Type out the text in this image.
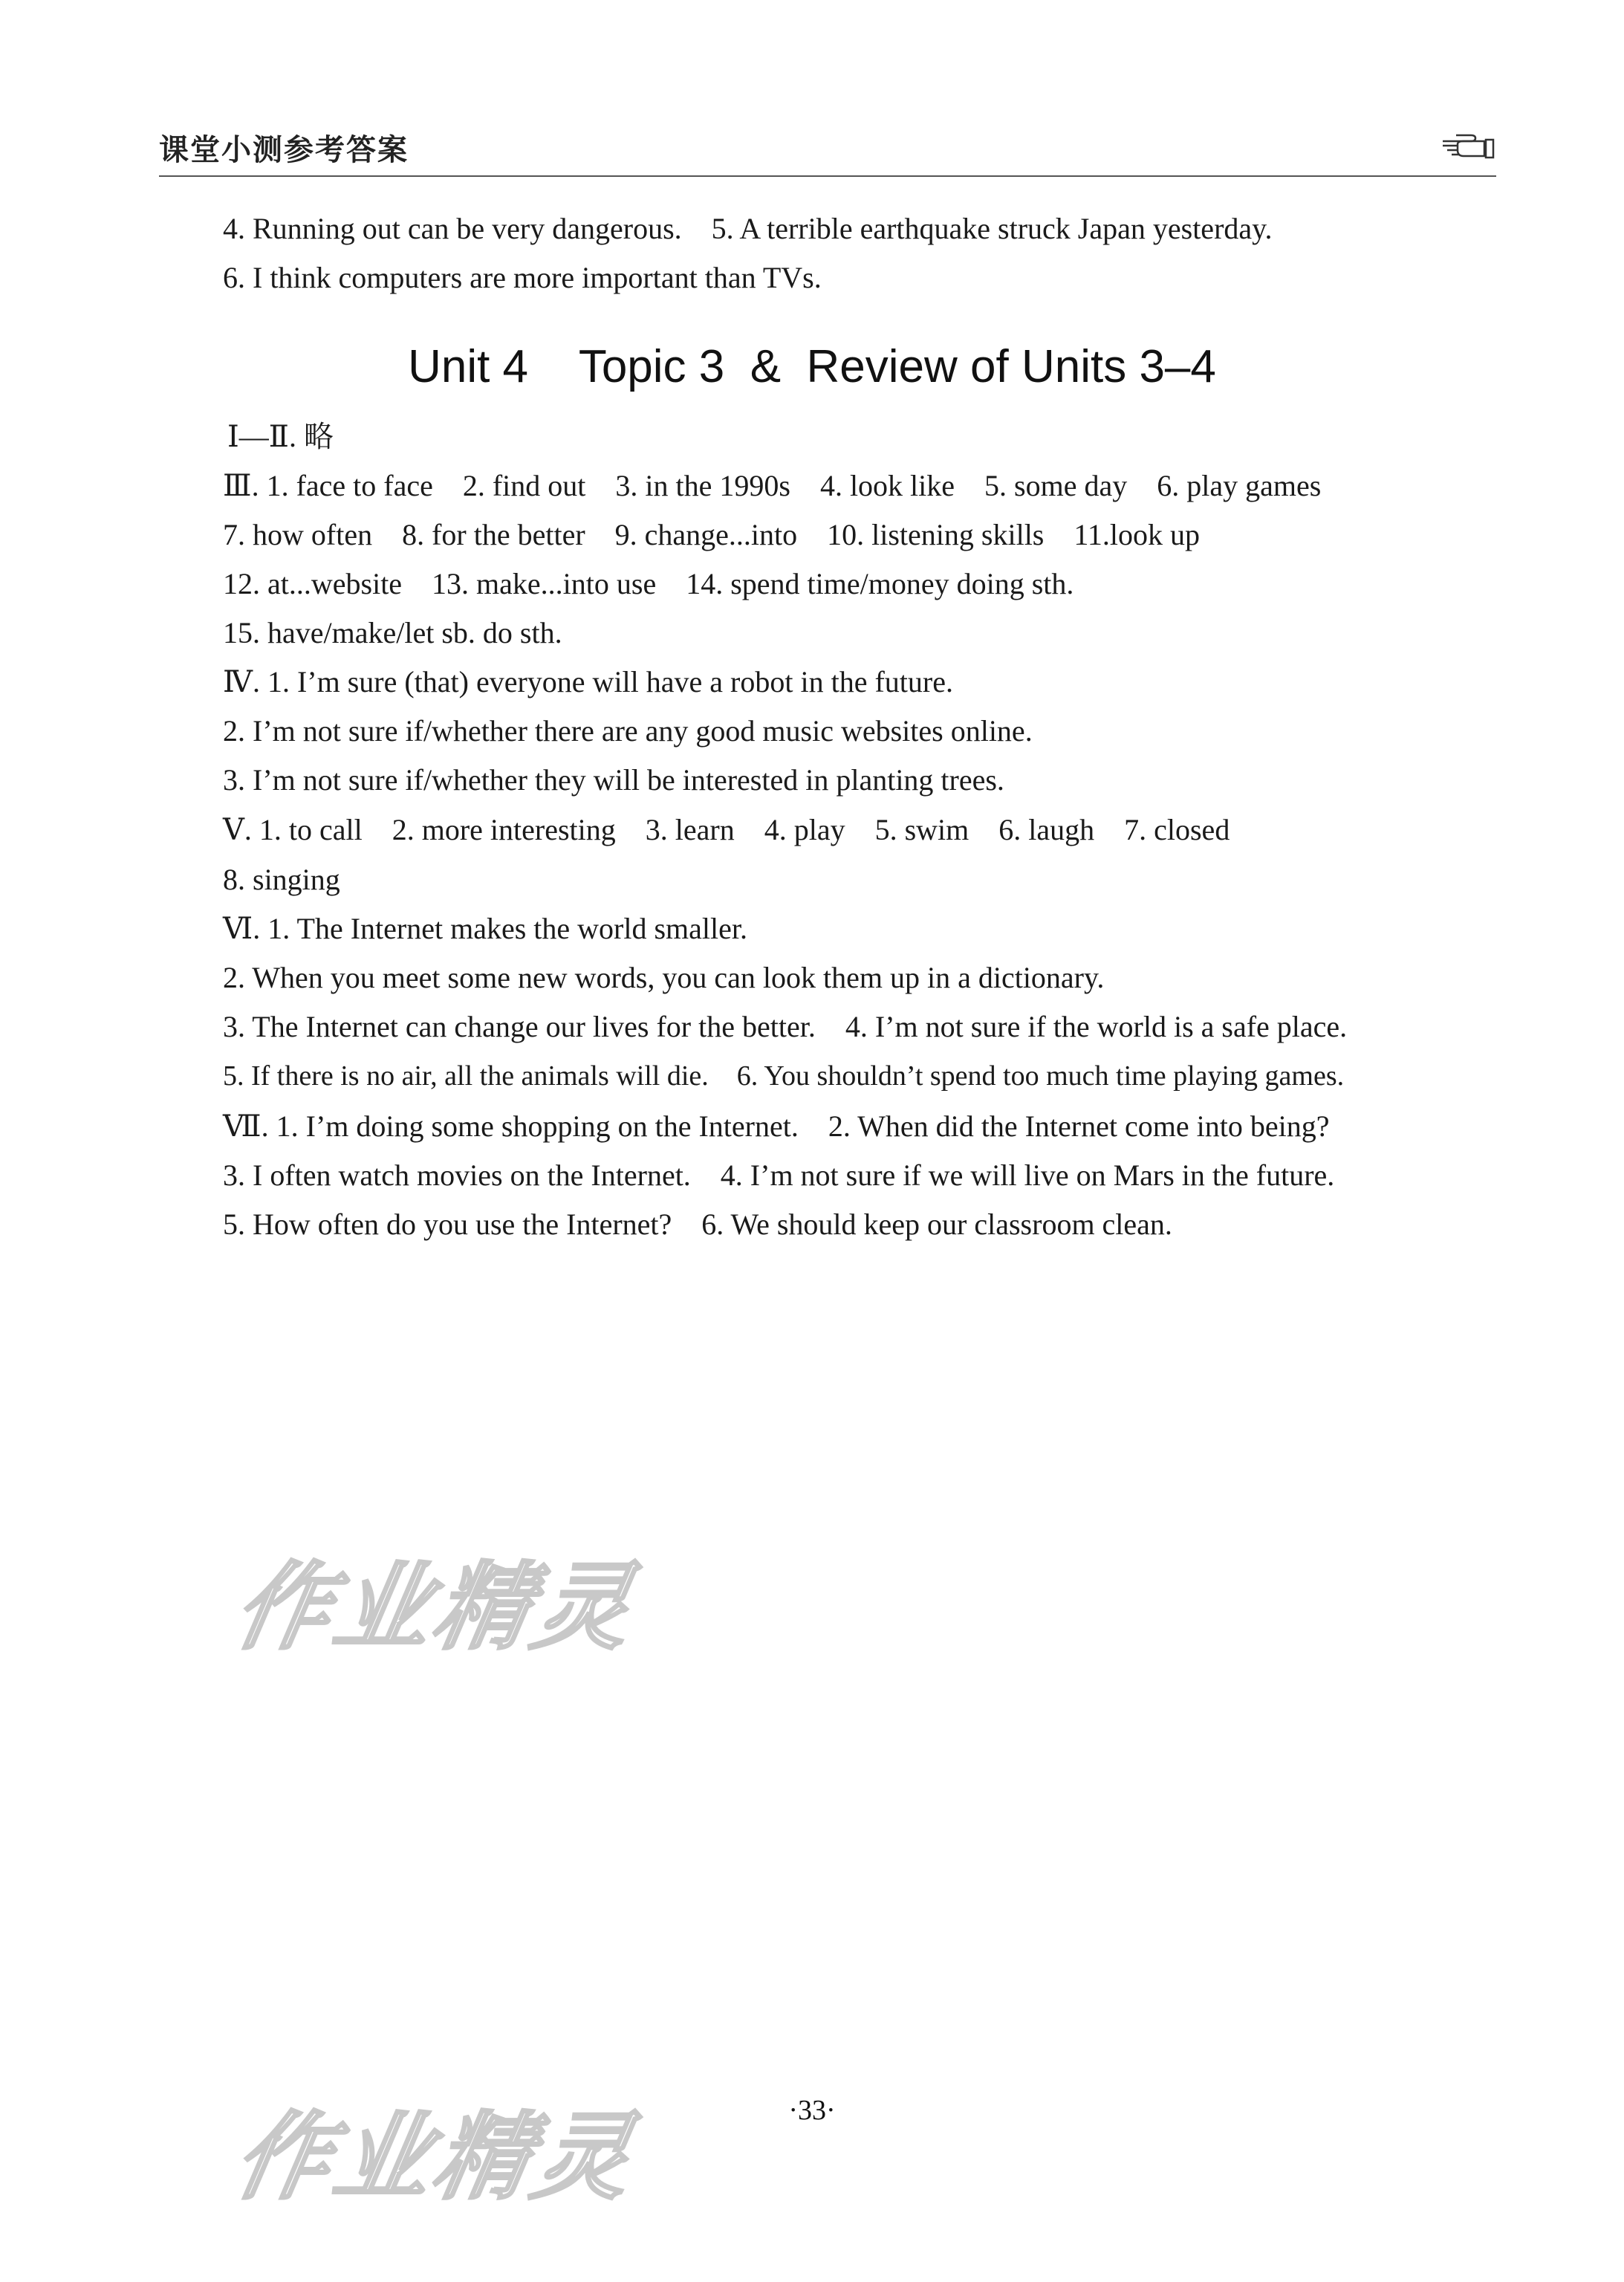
课堂小测参考答案
4. Running out can be very dangerous.    5. A terrible earthquake struck Japan yesterday.
6. I think computers are more important than TVs.
Unit 4    Topic 3  &  Review of Units 3–4
Ⅰ—Ⅱ. 略
Ⅲ. 1. face to face    2. find out    3. in the 1990s    4. look like    5. some day    6. play games
7. how often    8. for the better    9. change...into    10. listening skills    11.look up
12. at...website    13. make...into use    14. spend time/money doing sth.
15. have/make/let sb. do sth.
Ⅳ. 1. I’m sure (that) everyone will have a robot in the future.
2. I’m not sure if/whether there are any good music websites online.
3. I’m not sure if/whether they will be interested in planting trees.
Ⅴ. 1. to call    2. more interesting    3. learn    4. play    5. swim    6. laugh    7. closed
8. singing
Ⅵ. 1. The Internet makes the world smaller.
2. When you meet some new words, you can look them up in a dictionary.
3. The Internet can change our lives for the better.    4. I’m not sure if the world is a safe place.
5. If there is no air, all the animals will die.    6. You shouldn’t spend too much time playing games.
Ⅶ. 1. I’m doing some shopping on the Internet.    2. When did the Internet come into being?
3. I often watch movies on the Internet.    4. I’m not sure if we will live on Mars in the future.
5. How often do you use the Internet?    6. We should keep our classroom clean.
作业精灵
作业精灵	·33·
